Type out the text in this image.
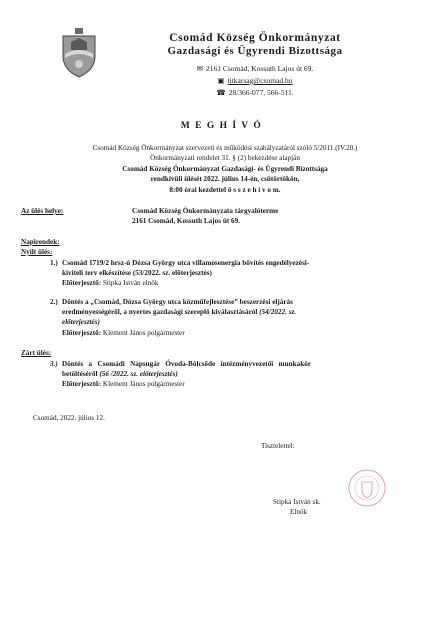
Csomád Község Önkormányzat
Gazdasági és Ügyrendi Bizottsága
✉ 2161 Csomád, Kossuth Lajos út 69.
▣ titkarsag@csomad.hu
☎ 28/366-077, 566-511.
M E G H Í V Ó
Csomád Község Önkormányzat szervezeti és működési szabályzatáról szóló 5/2011.(IV.20.)
Önkormányzati rendelet 31. § (2) bekezdése alapján
Csomád Község Önkormányzat Gazdasági- és Ügyrendi Bizottsága
rendkívüli ülését 2022. július 14-én, csütörtökön,
8:00 órai kezdettel ö s s z e h í v o m.
Az ülés helye:	Csomád Község Önkormányzata tárgyalóterme
2161 Csomád, Kossuth Lajos út 69.
Napirendek:
Nyílt ülés:
1.) Csomád 1719/2 hrsz-ú Dózsa György utca villamosenergia bővítés engedélyezési-
kiviteli terv elkészítése (53/2022. sz. előterjesztés)
Előterjesztő: Stipka István elnök
2.) Döntés a „Csomád, Dózsa György utca közműfejlesztése” beszerzési eljárás
eredményességéről, a nyertes gazdasági szereplő kiválasztásáról (54/2022. sz.
előterjesztés)
Előterjesztő: Klement János polgármester
Zárt ülés:
3.) Döntés   a   Csomádi   Napsugár   Óvoda-Bölcsőde   intézményvezetői   munkakör
betöltéséről (56 /2022. sz. előterjesztés)
Előterjesztő: Klement János polgármester
Csomád, 2022. július 12.
Tisztelettel:
Stipka István sk.
Elnök
